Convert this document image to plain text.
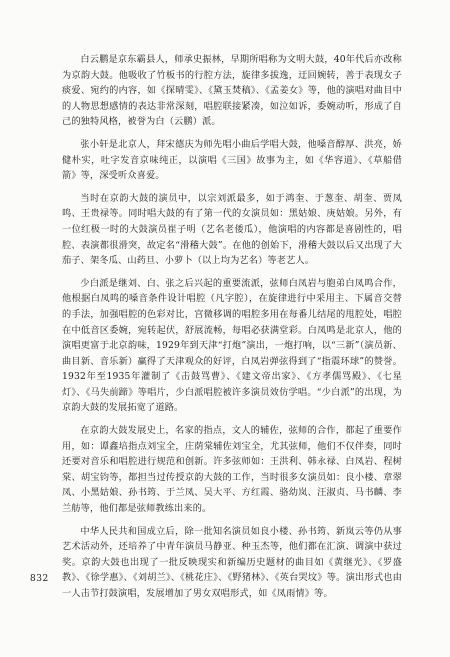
白云鹏是京东霸县人，师承史振林，早期所唱称为文明大鼓，40年代后亦改称为京韵大鼓。他吸收了竹板书的行腔方法，旋律多拔逸，迂回婉转，善于表现女子痰爱、宛约的内容，如《探晴雯》、《黛玉焚稿》、《孟姜女》等，他的演唱对曲目中的人物思想感情的表达非常深刻，唱腔联接紧凑，如泣如诉，委婉动听，形成了自己的独特风格，被誉为白（云鹏）派。

张小轩是北京人，拜宋德庆为师先唱小曲后学唱大鼓，他嗓音醇厚、洪亮，娇健朴实，吐字发音京味纯正，以演唱《三国》故事为主，如《华容道》、《草船借箭》等，深受听众喜爱。

当时在京韵大鼓的演员中，以宗刘派最多，如于鸿奎、于葱奎、胡奎、贾凤鸣、王贵禄等。同时唱大鼓的有了第一代的女演员如：黑姑娘、庚姑娘。另外，有一位红极一时的大鼓演员崔子明（艺名老倭瓜），他演唱的内容都是喜剧性的，唱腔、表演都很滑突，故定名“滑稽大鼓”。在他的创始下，滑稽大鼓以后又出现了大茄子、架冬瓜、山药旦、小萝卜（以上均为艺名）等老艺人。

少白派是继刘、白、张之后兴起的重要流派，弦师白凤岩与胞弟白凤鸣合作，他根据白凤鸣的嗓音条件设计唱腔（凡字腔），在旋律进行中采用主、下属音交替的手法，加强唱腔的色彩对比，宫微移调的唱腔多用在每番儿结尾的甩腔处，唱腔在中低音区委婉，宛转起伏，舒展流畅，每唱必获满堂彩。白凤鸣是北京人，他的演唱更富于北京韵味，1929年到天津“打炮”演出，一炮打响，以“三新”（演员新、曲目新、音乐新）赢得了天津观众的好评，白凤岩弹弦得到了“指震环球”的赞誉。1932年至1935年灌制了《击鼓骂曹》、《建文帝出家》、《方孝儒骂殿》、《七星灯》、《马失前蹄》等唱片，少白派唱腔被许多演员效仿学唱。“少白派”的出现，为京韵大鼓的发展拓宽了道路。

在京韵大鼓发展史上，名家的指点，文人的辅佐，弦师的合作，都起了重要作用，如：谭鑫培指点刘宝全，庄荫棠辅佐刘宝全，尤其弦师，他们不仅伴奏，同时还要对音乐和唱腔进行规范和创新。许多弦师如：王洪利、韩永禄、白凤岩、程树棠、胡宝钧等，都担当过传授京韵大鼓的工作，当时很多女演员如：良小楼、章翠凤、小黑姑娘、孙书筠、于兰凤、吴大平、方红霞、骆幼岚、汪淑贞、马书麟、李兰舫等，他们都是弦师教练出来的。

中华人民共和国成立后，除一批知名演员如良小楼、孙书筠、新岚云等仍从事艺术活动外，还培养了中青年演员马静亚、种玉杰等，他们都在汇演、调演中获过奖。京韵大鼓也出现了一批反映现实和新编历史题材的曲目如《黄继光》、《罗盛教》、《徐学惠》、《刘胡兰》、《桃花庄》、《野猪林》、《英台哭坟》等。演出形式也由一人击节打鼓演唱，发展增加了男女双唱形式，如《凤雨情》等。

832
